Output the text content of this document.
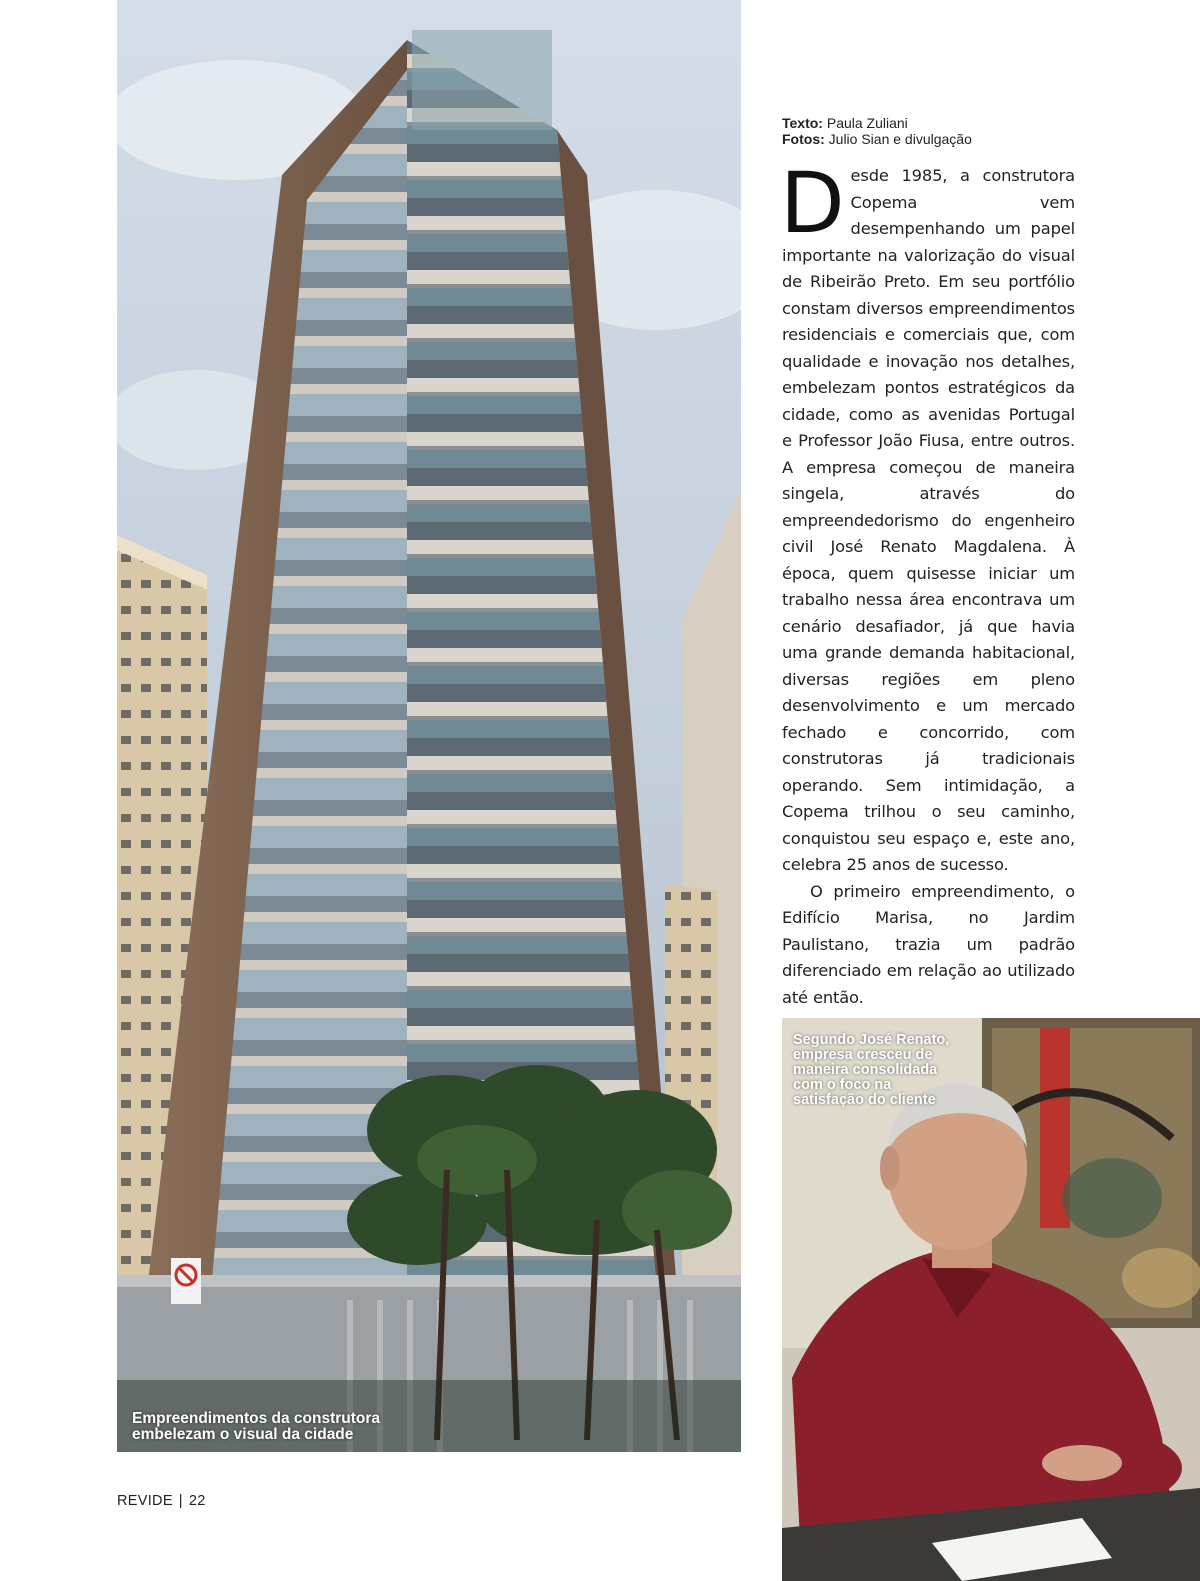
Empreendimentos da construtora embelezam o visual da cidade
Texto: Paula Zuliani
Fotos: Julio Sian e divulgação

Desde 1985, a construtora Copema vem desempenhando um papel importante na valorização do visual de Ribeirão Preto. Em seu portfólio constam diversos empreendimentos residenciais e comerciais que, com qualidade e inovação nos detalhes, embelezam pontos estratégicos da cidade, como as avenidas Portugal e Professor João Fiusa, entre outros. A empresa começou de maneira singela, através do empreendedorismo do engenheiro civil José Renato Magdalena. À época, quem quisesse iniciar um trabalho nessa área encontrava um cenário desafiador, já que havia uma grande demanda habitacional, diversas regiões em pleno desenvolvimento e um mercado fechado e concorrido, com construtoras já tradicionais operando. Sem intimidação, a Copema trilhou o seu caminho, conquistou seu espaço e, este ano, celebra 25 anos de sucesso.

O primeiro empreendimento, o Edifício Marisa, no Jardim Paulistano, trazia um padrão diferenciado em relação ao utilizado até então.

Segundo José Renato, empresa cresceu de maneira consolidada com o foco na satisfação do cliente
REVIDE | 22
